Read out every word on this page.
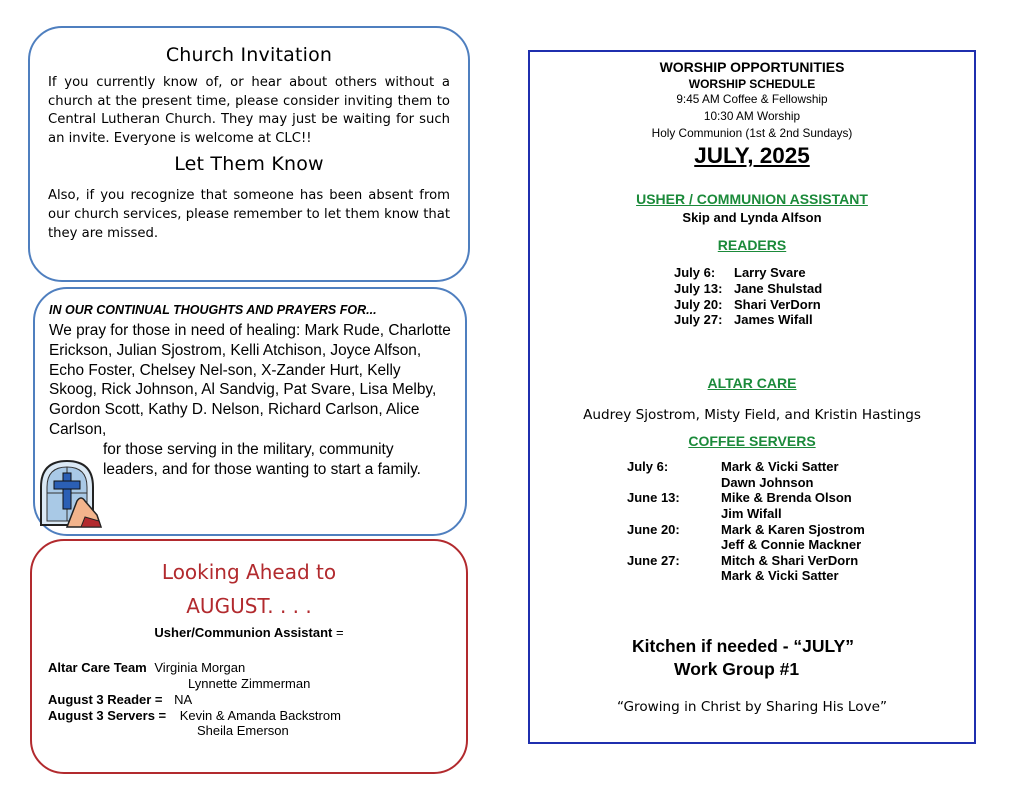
Church Invitation

If you currently know of, or hear about others without a church at the present time, please consider inviting them to Central Lutheran Church. They may just be waiting for such an invite. Everyone is welcome at CLC!!

Let Them Know

Also, if you recognize that someone has been absent from our church services, please remember to let them know that they are missed.

IN OUR CONTINUAL THOUGHTS AND PRAYERS FOR...

We pray for those in need of healing: Mark Rude, Charlotte Erickson, Julian Sjostrom, Kelli Atchison, Joyce Alfson, Echo Foster, Chelsey Nel-son, X-Zander Hurt, Kelly Skoog, Rick Johnson, Al Sandvig, Pat Svare, Lisa Melby, Gordon Scott, Kathy D. Nelson, Richard Carlson, Alice Carlson,

for those serving in the military, community leaders, and for those wanting to start a family.

Looking Ahead to
AUGUST. . . .
Usher/Communion Assistant =
Altar Care Team Virginia Morgan
Lynnette Zimmerman
August 3 Reader = NA
August 3 Servers = Kevin & Amanda Backstrom
Sheila Emerson
WORSHIP OPPORTUNITIES
WORSHIP SCHEDULE
9:45 AM Coffee & Fellowship
10:30 AM Worship
Holy Communion (1st & 2nd Sundays)
JULY, 2025
USHER / COMMUNION ASSISTANT
Skip and Lynda Alfson
READERS
July 6: Larry Svare
July 13: Jane Shulstad
July 20: Shari VerDorn
July 27: James Wifall
ALTAR CARE
Audrey Sjostrom, Misty Field, and Kristin Hastings
COFFEE SERVERS
July 6:	Mark & Vicki Satter
Dawn Johnson
June 13:	Mike & Brenda Olson
Jim Wifall
June 20:	Mark & Karen Sjostrom
Jeff & Connie Mackner
June 27:	Mitch & Shari VerDorn
Mark & Vicki Satter
Kitchen if needed - “JULY”
Work Group #1
“Growing in Christ by Sharing His Love”
